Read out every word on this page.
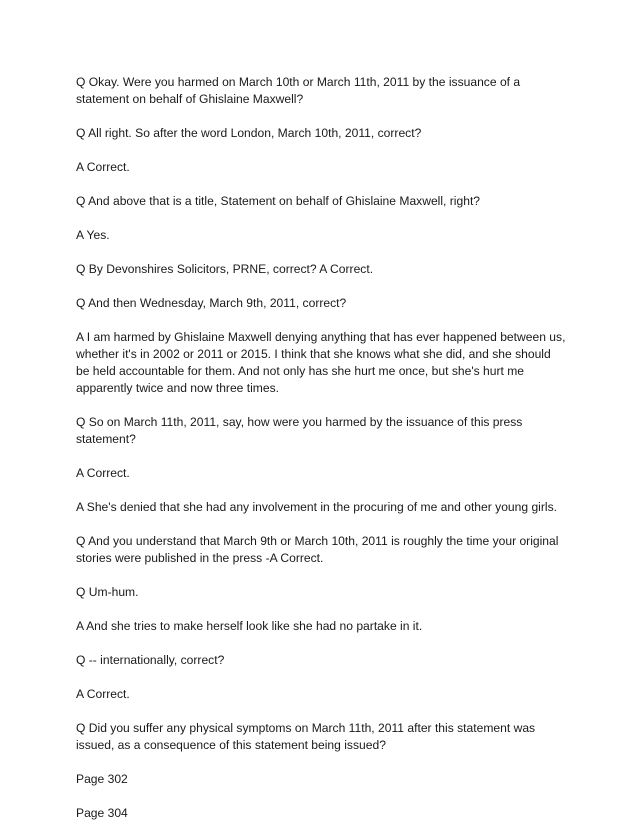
Q Okay. Were you harmed on March 10th or March 11th, 2011 by the issuance of a statement on behalf of Ghislaine Maxwell?

Q All right. So after the word London, March 10th, 2011, correct?

A Correct.

Q And above that is a title, Statement on behalf of Ghislaine Maxwell, right?

A Yes.

Q By Devonshires Solicitors, PRNE, correct? A Correct.

Q And then Wednesday, March 9th, 2011, correct?

A I am harmed by Ghislaine Maxwell denying anything that has ever happened between us, whether it's in 2002 or 2011 or 2015. I think that she knows what she did, and she should be held accountable for them. And not only has she hurt me once, but she's hurt me apparently twice and now three times.

Q So on March 11th, 2011, say, how were you harmed by the issuance of this press statement?

A Correct.

A She's denied that she had any involvement in the procuring of me and other young girls.

Q And you understand that March 9th or March 10th, 2011 is roughly the time your original stories were published in the press -A Correct.

Q Um-hum.

A And she tries to make herself look like she had no partake in it.

Q -- internationally, correct?

A Correct.

Q Did you suffer any physical symptoms on March 11th, 2011 after this statement was issued, as a consequence of this statement being issued?

Page 302

Page 304
